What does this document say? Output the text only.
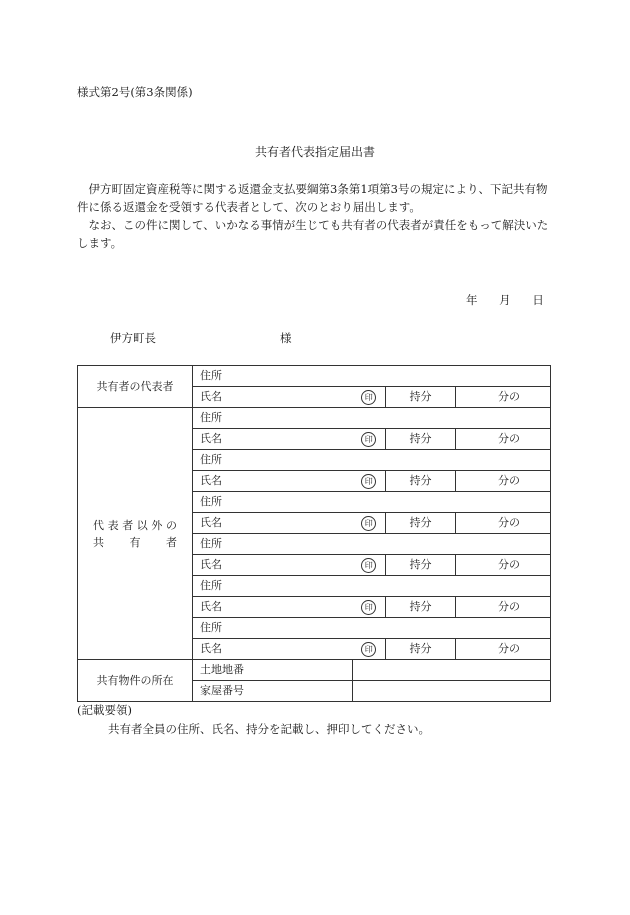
様式第2号(第3条関係)
共有者代表指定届出書
伊方町固定資産税等に関する返還金支払要綱第3条第1項第3号の規定により、下記共有物件に係る返還金を受領する代表者として、次のとおり届出します。
なお、この件に関して、いかなる事情が生じても共有者の代表者が責任をもって解決いたします。
年 月 日
伊方町長	様
共有者の代表者	住所			
	氏名	印	持分	分の

代表者以外の
共　有　者	住所			
	氏名	印	持分	分の
	住所			
	氏名	印	持分	分の
	住所			
	氏名	印	持分	分の
	住所			
	氏名	印	持分	分の
	住所			
	氏名	印	持分	分の
	住所			
	氏名	印	持分	分の
共有物件の所在	土地地番			
	家屋番号			
(記載要領)
共有者全員の住所、氏名、持分を記載し、押印してください。
